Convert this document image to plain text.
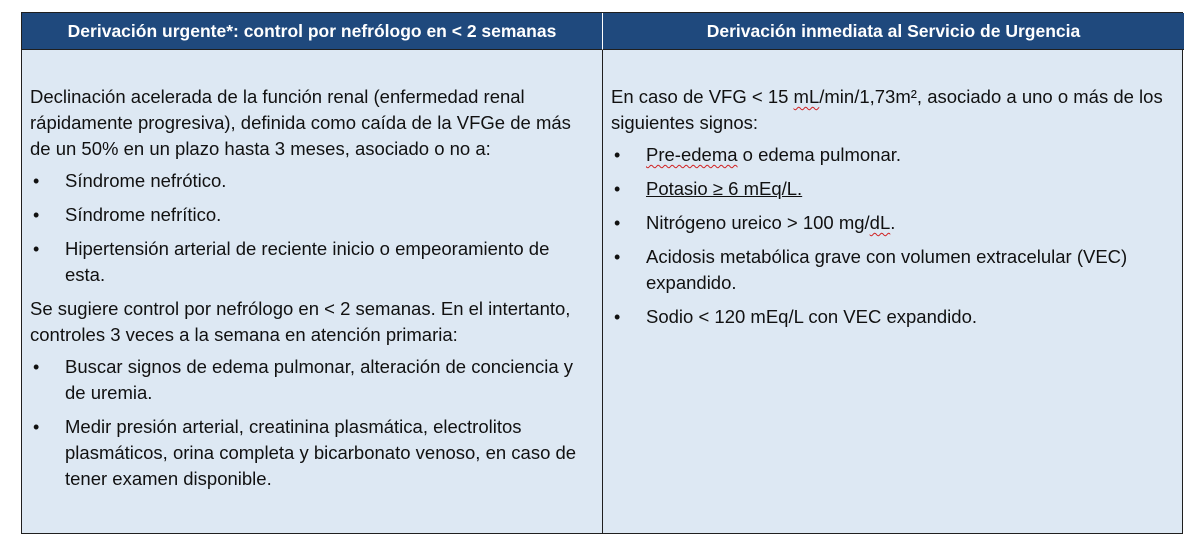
Derivación urgente*: control por nefrólogo en < 2 semanas	Derivación inmediata al Servicio de Urgencia

Declinación acelerada de la función renal (enfermedad renal rápidamente progresiva), definida como caída de la VFGe de más de un 50% en un plazo hasta 3 meses, asociado o no a:

• Síndrome nefrótico.
• Síndrome nefrítico.
• Hipertensión arterial de reciente inicio o empeoramiento de esta.

Se sugiere control por nefrólogo en < 2 semanas. En el intertanto, controles 3 veces a la semana en atención primaria:

• Buscar signos de edema pulmonar, alteración de conciencia y de uremia.
• Medir presión arterial, creatinina plasmática, electrolitos plasmáticos, orina completa y bicarbonato venoso, en caso de tener examen disponible.

En caso de VFG < 15 mL/min/1,73m², asociado a uno o más de los siguientes signos:

• Pre-edema o edema pulmonar.
• Potasio ≥ 6 mEq/L.
• Nitrógeno ureico > 100 mg/dL.
• Acidosis metabólica grave con volumen extracelular (VEC) expandido.
• Sodio < 120 mEq/L con VEC expandido.
